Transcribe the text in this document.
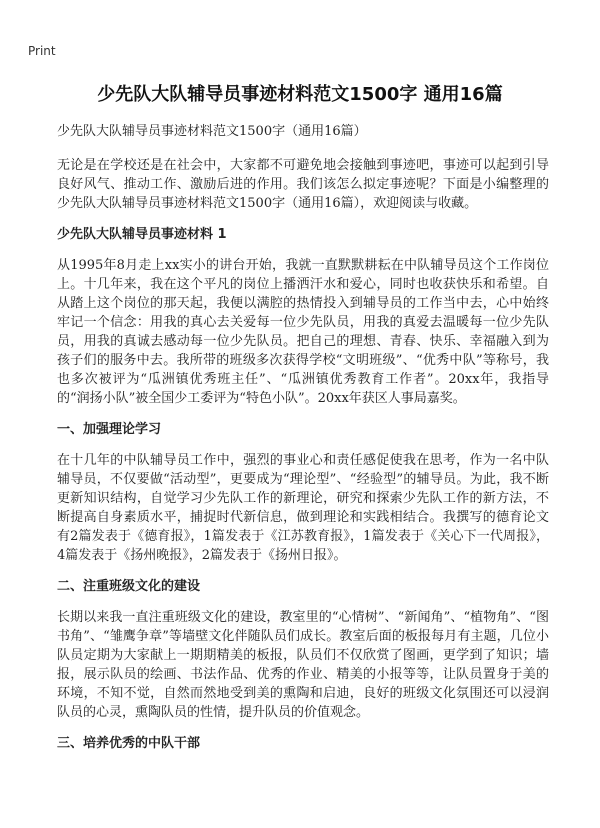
Print
少先队大队辅导员事迹材料范文1500字 通用16篇

少先队大队辅导员事迹材料范文1500字（通用16篇）

无论是在学校还是在社会中，大家都不可避免地会接触到事迹吧，事迹可以起到引导良好风气、推动工作、激励后进的作用。我们该怎么拟定事迹呢？下面是小编整理的少先队大队辅导员事迹材料范文1500字（通用16篇），欢迎阅读与收藏。

少先队大队辅导员事迹材料 1

从1995年8月走上xx实小的讲台开始，我就一直默默耕耘在中队辅导员这个工作岗位上。十几年来，我在这个平凡的岗位上播洒汗水和爱心，同时也收获快乐和希望。自从踏上这个岗位的那天起，我便以满腔的热情投入到辅导员的工作当中去，心中始终牢记一个信念：用我的真心去关爱每一位少先队员，用我的真爱去温暖每一位少先队员，用我的真诚去感动每一位少先队员。把自己的理想、青春、快乐、幸福融入到为孩子们的服务中去。我所带的班级多次获得学校“文明班级”、“优秀中队”等称号，我也多次被评为“瓜洲镇优秀班主任”、“瓜洲镇优秀教育工作者”。20xx年，我指导的“润扬小队”被全国少工委评为“特色小队”。20xx年获区人事局嘉奖。

一、加强理论学习

在十几年的中队辅导员工作中，强烈的事业心和责任感促使我在思考，作为一名中队辅导员，不仅要做“活动型”，更要成为“理论型”、“经验型”的辅导员。为此，我不断更新知识结构，自觉学习少先队工作的新理论，研究和探索少先队工作的新方法，不断提高自身素质水平，捕捉时代新信息，做到理论和实践相结合。我撰写的德育论文有2篇发表于《德育报》，1篇发表于《江苏教育报》，1篇发表于《关心下一代周报》，4篇发表于《扬州晚报》，2篇发表于《扬州日报》。

二、注重班级文化的建设

长期以来我一直注重班级文化的建设，教室里的“心情树”、“新闻角”、“植物角”、“图书角”、“雏鹰争章”等墙壁文化伴随队员们成长。教室后面的板报每月有主题，几位小队员定期为大家献上一期期精美的板报，队员们不仅欣赏了图画，更学到了知识；墙报，展示队员的绘画、书法作品、优秀的作业、精美的小报等等，让队员置身于美的环境，不知不觉，自然而然地受到美的熏陶和启迪，良好的班级文化氛围还可以浸润队员的心灵，熏陶队员的性情，提升队员的价值观念。

三、培养优秀的中队干部
